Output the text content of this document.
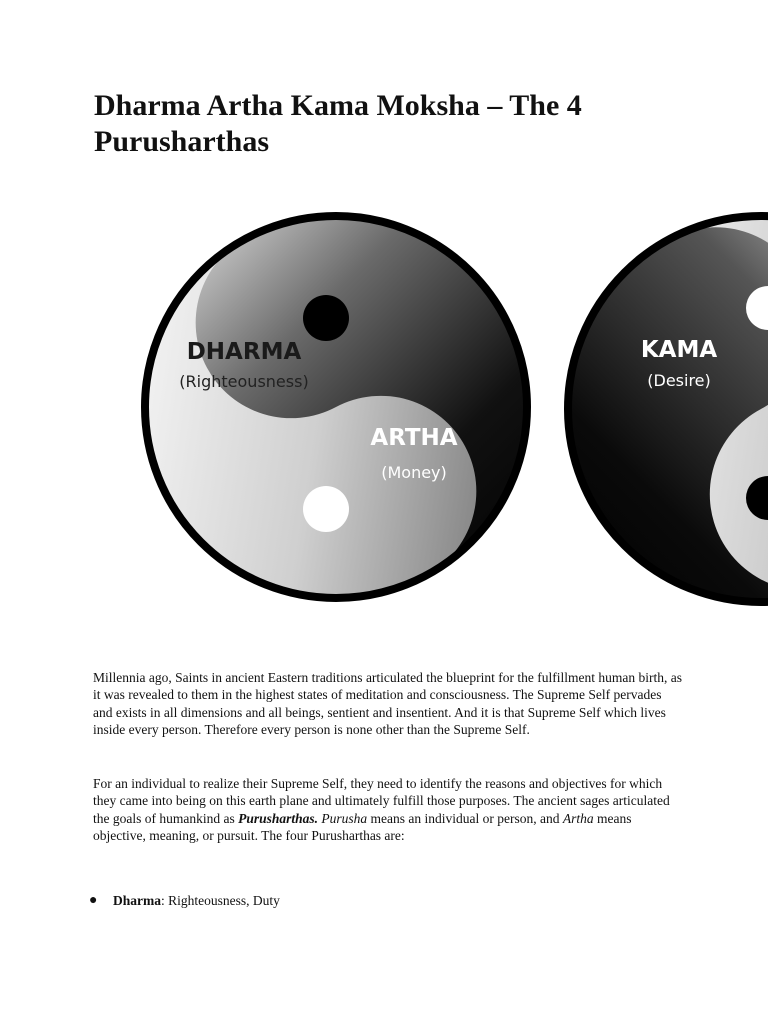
Dharma Artha Kama Moksha – The 4 Purusharthas
DHARMA
(Righteousness)
ARTHA
(Money)
KAMA
(Desire)

Millennia ago, Saints in ancient Eastern traditions articulated the blueprint for the fulfillment human birth, as it was revealed to them in the highest states of meditation and consciousness. The Supreme Self pervades and exists in all dimensions and all beings, sentient and insentient. And it is that Supreme Self which lives inside every person. Therefore every person is none other than the Supreme Self.

For an individual to realize their Supreme Self, they need to identify the reasons and objectives for which they came into being on this earth plane and ultimately fulfill those purposes. The ancient sages articulated the goals of humankind as Purusharthas. Purusha means an individual or person, and Artha means objective, meaning, or pursuit. The four Purusharthas are:

● Dharma: Righteousness, Duty
